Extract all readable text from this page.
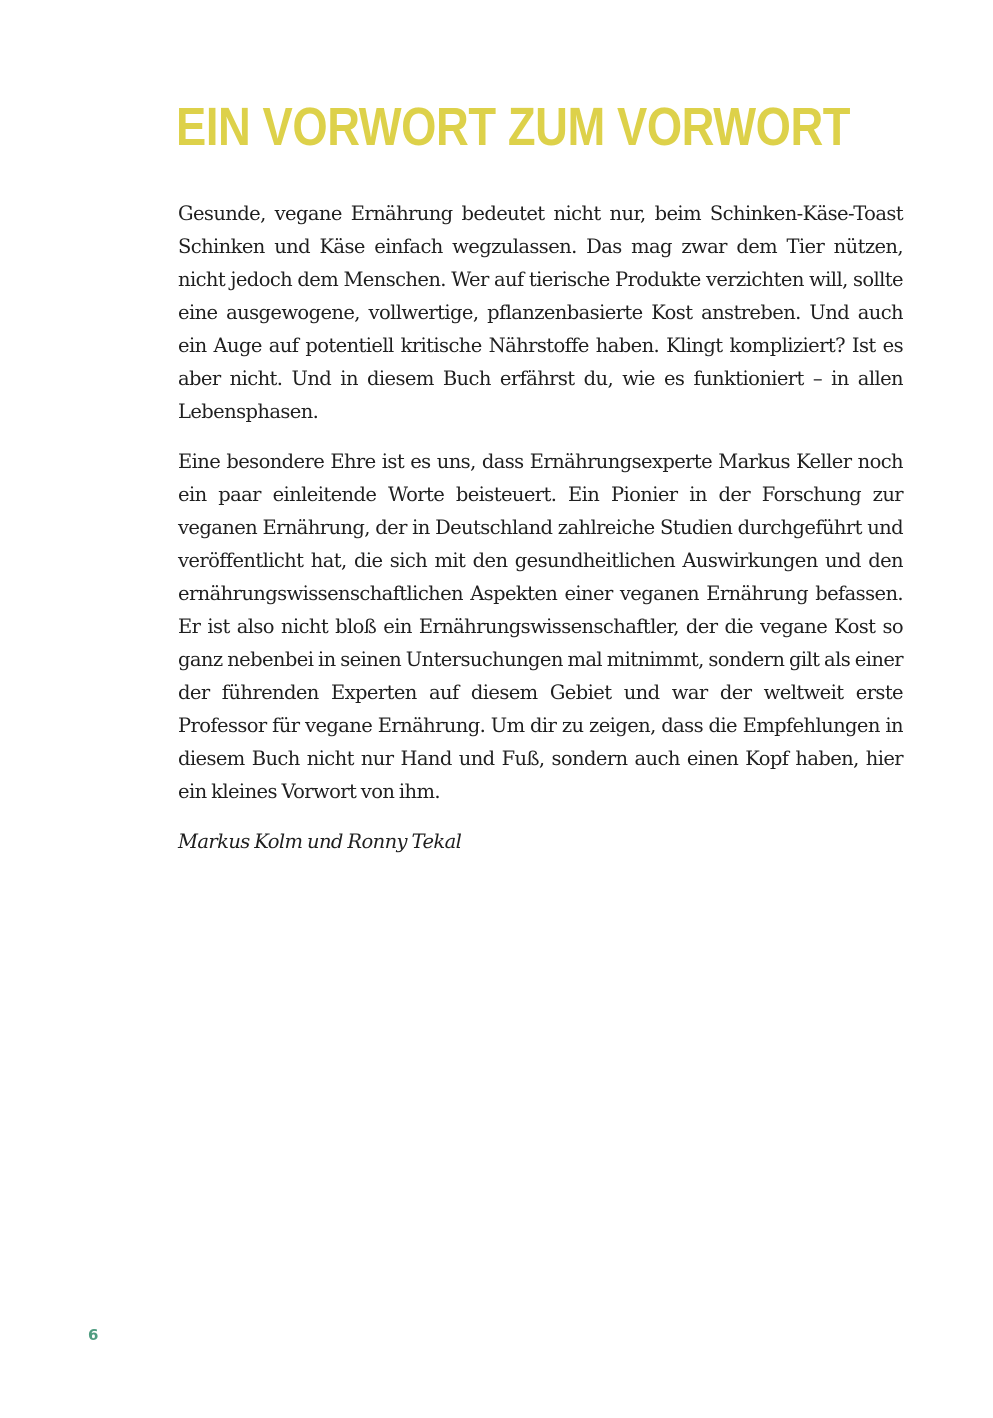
EIN VORWORT ZUM VORWORT

Gesunde, vegane Ernährung bedeutet nicht nur, beim Schinken-Käse-Toast Schinken und Käse einfach wegzulassen. Das mag zwar dem Tier nützen, nicht jedoch dem Menschen. Wer auf tierische Produkte verzichten will, sollte eine ausgewogene, vollwertige, pflanzenbasierte Kost anstreben. Und auch ein Auge auf potentiell kritische Nährstoffe haben. Klingt kompliziert? Ist es aber nicht. Und in diesem Buch erfährst du, wie es funktioniert – in allen Lebensphasen.

Eine besondere Ehre ist es uns, dass Ernährungsexperte Markus Keller noch ein paar einleitende Worte beisteuert. Ein Pionier in der Forschung zur veganen Ernährung, der in Deutschland zahlreiche Studien durchgeführt und veröffentlicht hat, die sich mit den gesundheitlichen Auswirkungen und den ernährungswissenschaftlichen Aspekten einer veganen Ernährung befassen. Er ist also nicht bloß ein Ernährungswissenschaftler, der die vegane Kost so ganz nebenbei in seinen Untersuchungen mal mitnimmt, sondern gilt als einer der führenden Experten auf diesem Gebiet und war der weltweit erste Professor für vegane Ernährung. Um dir zu zeigen, dass die Empfehlungen in diesem Buch nicht nur Hand und Fuß, sondern auch einen Kopf haben, hier ein kleines Vorwort von ihm.

Markus Kolm und Ronny Tekal

6
